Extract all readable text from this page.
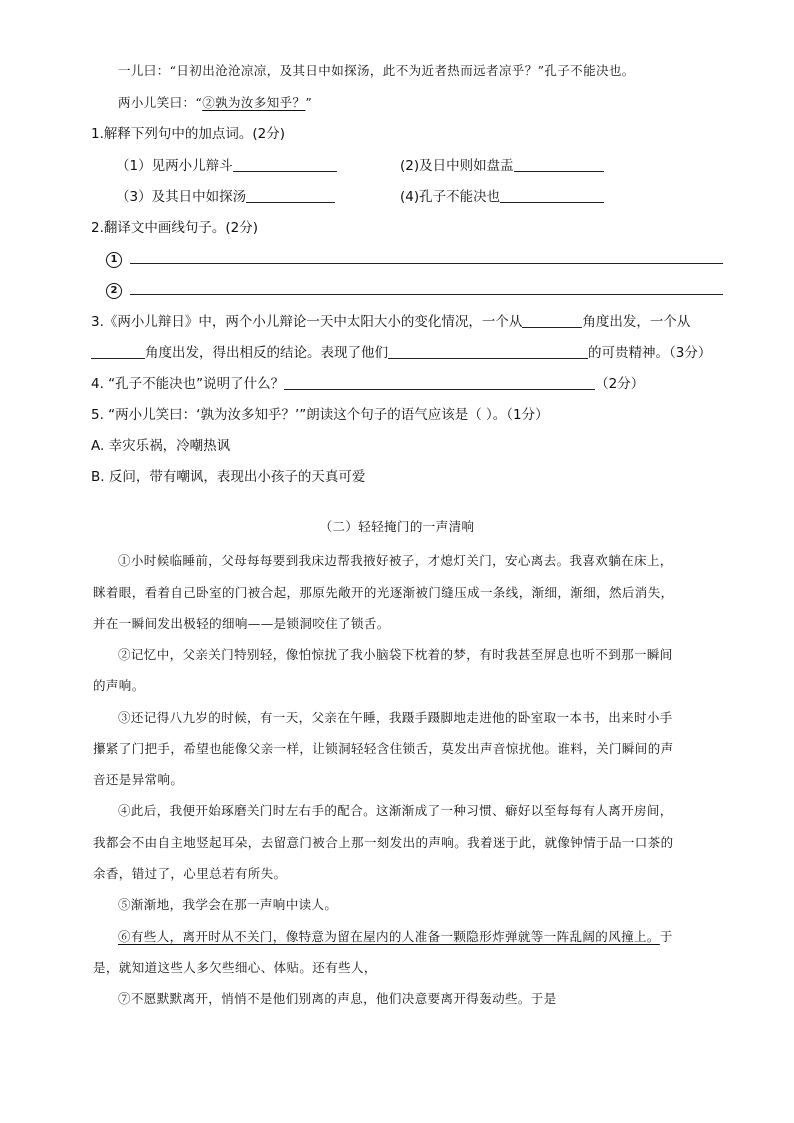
一儿曰：“日初出沧沧凉凉，及其日中如探汤，此不为近者热而远者凉乎？”孔子不能决也。
两小儿笑曰：“②孰为汝多知乎？”
1.解释下列句中的加点词。(2分)
（1）见两小儿辩斗	(2)及日中则如盘盂
（3）及其日中如探汤	(4)孔子不能决也
2.翻译文中画线句子。(2分)
1
2
3.《两小儿辩日》中，两个小儿辩论一天中太阳大小的变化情况，一个从	角度出发，一个从
角度出发，得出相反的结论。表现了他们	的可贵精神。（3分）
4. “孔子不能决也”说明了什么？	（2分）
5. “两小儿笑曰：‘孰为汝多知乎？’”朗读这个句子的语气应该是（ ）。（1分）
A. 幸灾乐祸，冷嘲热讽
B. 反问，带有嘲讽，表现出小孩子的天真可爱
（二）轻轻掩门的一声清响
①小时候临睡前，父母每每要到我床边帮我掖好被子，才熄灯关门，安心离去。我喜欢躺在床上，
眯着眼，看着自己卧室的门被合起，那原先敞开的光逐渐被门缝压成一条线，渐细，渐细，然后消失，
并在一瞬间发出极轻的细响——是锁洞咬住了锁舌。
②记忆中，父亲关门特别轻，像怕惊扰了我小脑袋下枕着的梦，有时我甚至屏息也听不到那一瞬间
的声响。
③还记得八九岁的时候，有一天，父亲在午睡，我蹑手蹑脚地走进他的卧室取一本书，出来时小手
攥紧了门把手，希望也能像父亲一样，让锁洞轻轻含住锁舌，莫发出声音惊扰他。谁料，关门瞬间的声
音还是异常响。
④此后，我便开始琢磨关门时左右手的配合。这渐渐成了一种习惯、癖好以至每每有人离开房间，
我都会不由自主地竖起耳朵，去留意门被合上那一刻发出的声响。我着迷于此，就像钟情于品一口茶的
余香，错过了，心里总若有所失。
⑤渐渐地，我学会在那一声响中读人。
⑥有些人，离开时从不关门，像特意为留在屋内的人准备一颗隐形炸弹就等一阵乱阔的风撞上。于
是，就知道这些人多欠些细心、体贴。还有些人，
⑦不愿默默离开，悄悄不是他们别离的声息，他们决意要离开得轰动些。于是
